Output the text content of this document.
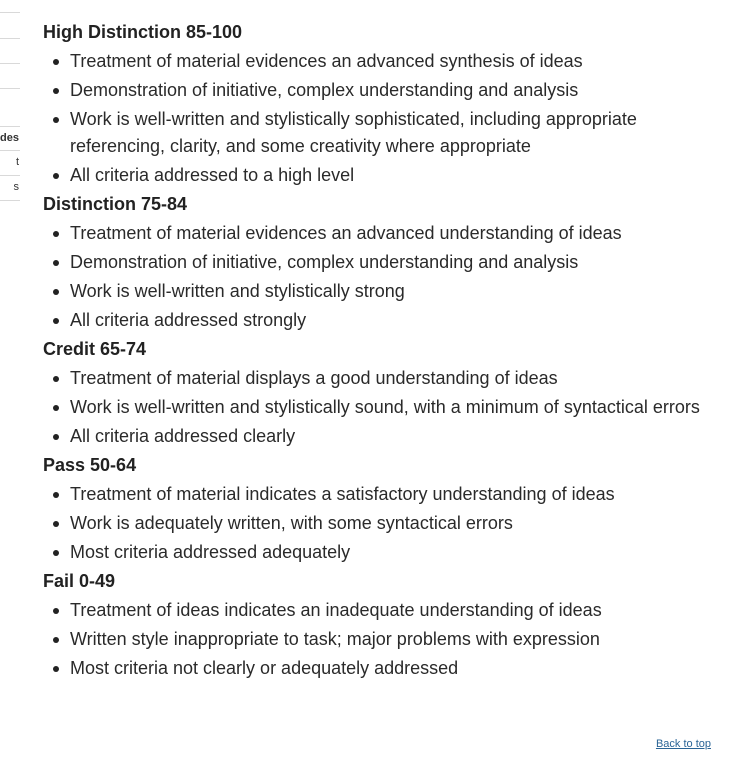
des
t
s
High Distinction 85-100
Treatment of material evidences an advanced synthesis of ideas
Demonstration of initiative, complex understanding and analysis
Work is well-written and stylistically sophisticated, including appropriate referencing, clarity, and some creativity where appropriate
All criteria addressed to a high level
Distinction 75-84
Treatment of material evidences an advanced understanding of ideas
Demonstration of initiative, complex understanding and analysis
Work is well-written and stylistically strong
All criteria addressed strongly
Credit 65-74
Treatment of material displays a good understanding of ideas
Work is well-written and stylistically sound, with a minimum of syntactical errors
All criteria addressed clearly
Pass 50-64
Treatment of material indicates a satisfactory understanding of ideas
Work is adequately written, with some syntactical errors
Most criteria addressed adequately
Fail 0-49
Treatment of ideas indicates an inadequate understanding of ideas
Written style inappropriate to task; major problems with expression
Most criteria not clearly or adequately addressed
Back to top
